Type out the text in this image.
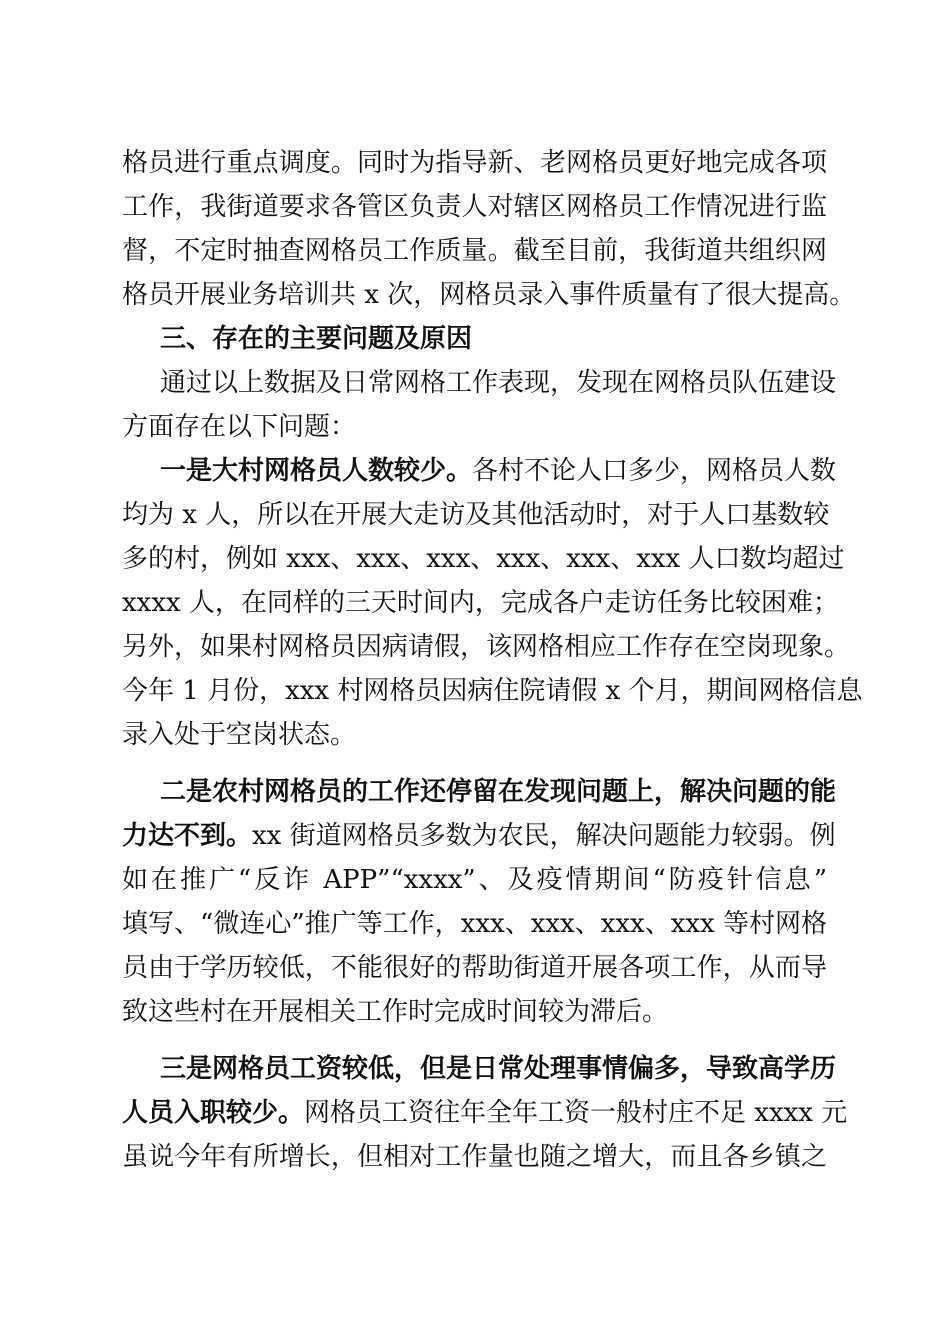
格员进行重点调度。同时为指导新、老网格员更好地完成各项

工作，我街道要求各管区负责人对辖区网格员工作情况进行监

督，不定时抽查网格员工作质量。截至目前，我街道共组织网

格员开展业务培训共 x 次，网格员录入事件质量有了很大提高。

三、存在的主要问题及原因

通过以上数据及日常网格工作表现，发现在网格员队伍建设

方面存在以下问题：

一是大村网格员人数较少。各村不论人口多少，网格员人数

均为 x 人，所以在开展大走访及其他活动时，对于人口基数较

多的村，例如 xxx、xxx、xxx、xxx、xxx、xxx 人口数均超过

xxxx 人，在同样的三天时间内，完成各户走访任务比较困难；

另外，如果村网格员因病请假，该网格相应工作存在空岗现象。

今年 1 月份，xxx 村网格员因病住院请假 x 个月，期间网格信息

录入处于空岗状态。

二是农村网格员的工作还停留在发现问题上，解决问题的能

力达不到。xx 街道网格员多数为农民，解决问题能力较弱。例

如在推广“反诈 APP”“xxxx”、及疫情期间“防疫针信息”

填写、“微连心”推广等工作，xxx、xxx、xxx、xxx 等村网格

员由于学历较低，不能很好的帮助街道开展各项工作，从而导

致这些村在开展相关工作时完成时间较为滞后。

三是网格员工资较低，但是日常处理事情偏多，导致高学历

人员入职较少。网格员工资往年全年工资一般村庄不足 xxxx 元

虽说今年有所增长，但相对工作量也随之增大，而且各乡镇之
